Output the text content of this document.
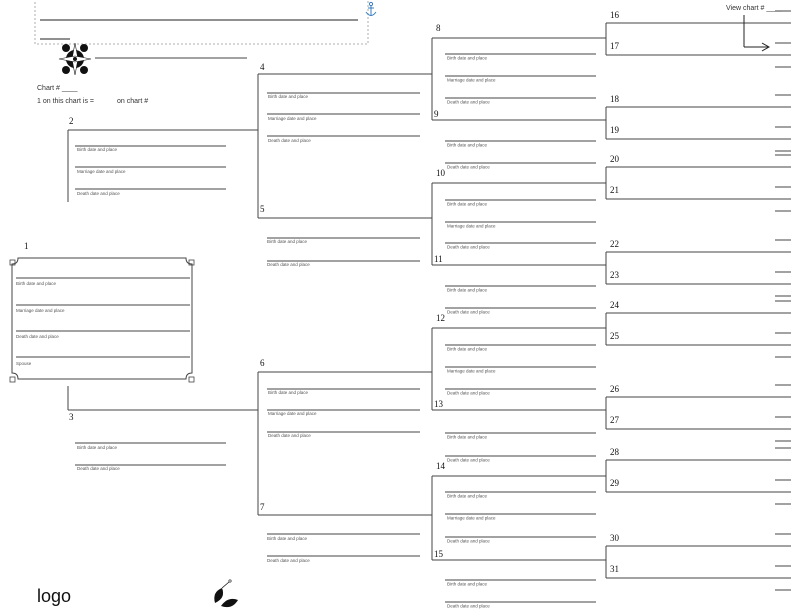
Birth date and place
Marriage date and place
Death date and place
Birth date and place
Death date and place
8
9
Birth date and place
Marriage date and place
Death date and place
Birth date and place
Death date and place
10
11
Birth date and place
Marriage date and place
Death date and place
Birth date and place
Death date and place
12
13
Birth date and place
Marriage date and place
Death date and place
Birth date and place
Death date and place
14
15
16
17
18
19
20
21
22
23
24
25
26
27
28
29
30
31
1
2
3
4
5
6
7
Birth date and place
Marriage date and place
Death date and place
Birth date and place
Death date and place
Birth date and place
Marriage date and place
Death date and place
Birth date and place
Death date and place
Birth date and place
Marriage date and place
Death date and place
Birth date and place
Death date and place
Birth date and place
Marriage date and place
Death date and place
Spouse
Chart # ____
1 on this chart is =	on chart #
View chart # ____
logo
